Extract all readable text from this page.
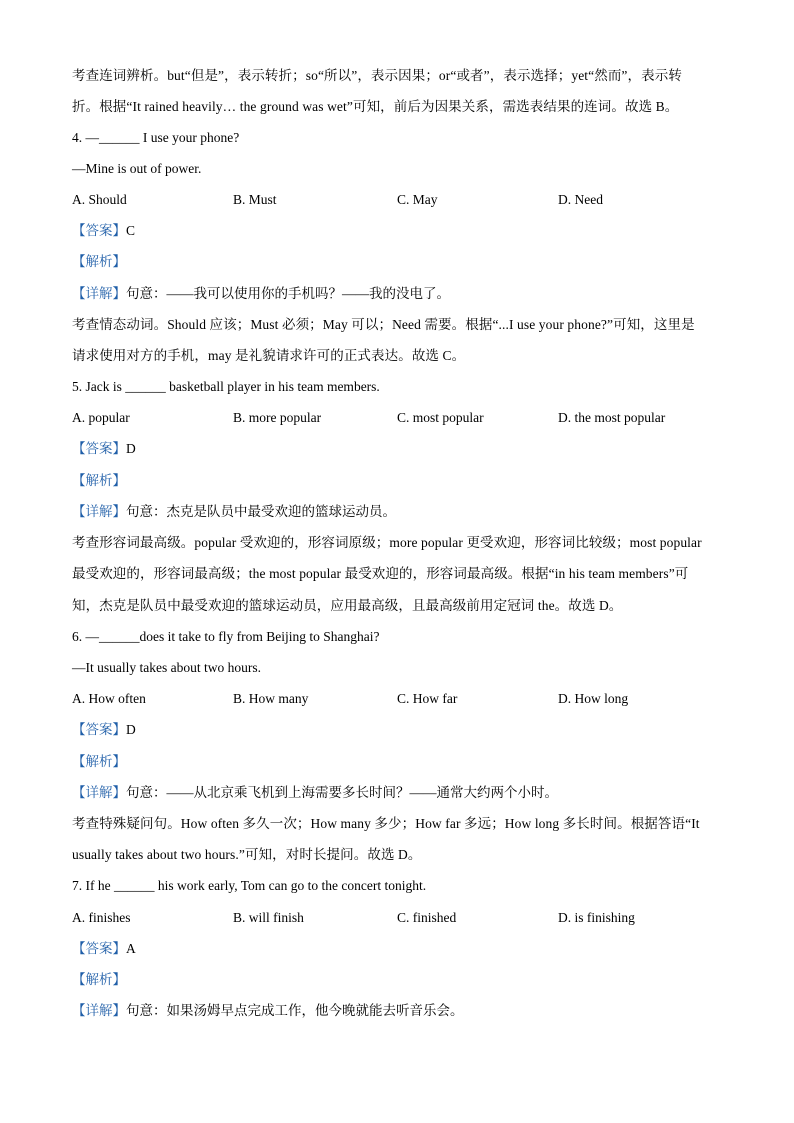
考查连词辨析。but“但是”，表示转折；so“所以”，表示因果；or“或者”，表示选择；yet“然而”，表示转
折。根据“It rained heavily… the ground was wet”可知，前后为因果关系，需选表结果的连词。故选 B。
4. —______ I use your phone?
—Mine is out of power.
A. Should	B. Must	C. May	D. Need
【答案】C
【解析】
【详解】句意：——我可以使用你的手机吗？——我的没电了。
考查情态动词。Should 应该；Must 必须；May 可以；Need 需要。根据“...I use your phone?”可知，这里是
请求使用对方的手机，may 是礼貌请求许可的正式表达。故选 C。
5. Jack is ______ basketball player in his team members.
A. popular	B. more popular	C. most popular	D. the most popular
【答案】D
【解析】
【详解】句意：杰克是队员中最受欢迎的篮球运动员。
考查形容词最高级。popular 受欢迎的，形容词原级；more popular 更受欢迎，形容词比较级；most popular
最受欢迎的，形容词最高级；the most popular 最受欢迎的，形容词最高级。根据“in his team members”可
知，杰克是队员中最受欢迎的篮球运动员，应用最高级，且最高级前用定冠词 the。故选 D。
6. —______does it take to fly from Beijing to Shanghai?
—It usually takes about two hours.
A. How often	B. How many	C. How far	D. How long
【答案】D
【解析】
【详解】句意：——从北京乘飞机到上海需要多长时间？——通常大约两个小时。
考查特殊疑问句。How often 多久一次；How many 多少；How far 多远；How long 多长时间。根据答语“It
usually takes about two hours.”可知，对时长提问。故选 D。
7. If he ______ his work early, Tom can go to the concert tonight.
A. finishes	B. will finish	C. finished	D. is finishing
【答案】A
【解析】
【详解】句意：如果汤姆早点完成工作，他今晚就能去听音乐会。
